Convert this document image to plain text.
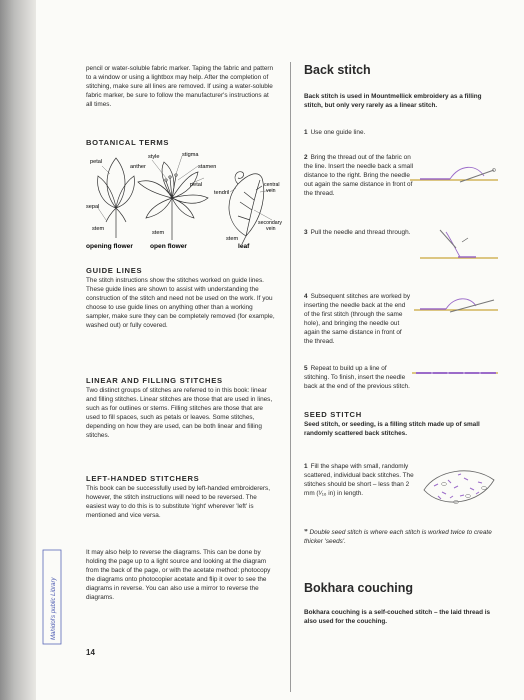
pencil or water-soluble fabric marker. Taping the fabric and pattern to a window or using a lightbox may help. After the completion of stitching, make sure all lines are removed. If using a water-soluble fabric marker, be sure to follow the manufacturer's instructions at all times.

BOTANICAL TERMS

petal
style	stigma
anther	stamen
petal	central
vein
tendril
sepal
secondary
vein
stem
stem
stem
opening flower	open flower	leaf

GUIDE LINES

The stitch instructions show the stitches worked on guide lines. These guide lines are shown to assist with understanding the construction of the stitch and need not be used on the work. If you choose to use guide lines on anything other than a working sampler, make sure they can be completely removed (for example, washed out) or fully covered.

LINEAR AND FILLING STITCHES

Two distinct groups of stitches are referred to in this book: linear and filling stitches. Linear stitches are those that are used in lines, such as for outlines or stems. Filling stitches are those that are used to fill spaces, such as petals or leaves. Some stitches, depending on how they are used, can be both linear and filling stitches.

LEFT-HANDED STITCHERS

This book can be successfully used by left-handed embroiderers, however, the stitch instructions will need to be reversed. The easiest way to do this is to substitute 'right' wherever 'left' is mentioned and vice versa.

It may also help to reverse the diagrams. This can be done by holding the page up to a light source and looking at the diagram from the back of the page, or with the acetate method: photocopy the diagrams onto photocopier acetate and flip it over to see the diagrams in reverse. You can also use a mirror to reverse the diagrams.

Mahidol's public Library
14

Back stitch

Back stitch is used in Mountmellick embroidery as a filling stitch, but only very rarely as a linear stitch.

1 Use one guide line.

2 Bring the thread out of the fabric on the line. Insert the needle back a small distance to the right. Bring the needle out again the same distance in front of the thread.

3 Pull the needle and thread through.

4 Subsequent stitches are worked by inserting the needle back at the end of the first stitch (through the same hole), and bringing the needle out again the same distance in front of the thread.

5 Repeat to build up a line of stitching. To finish, insert the needle back at the end of the previous stitch.

SEED STITCH

Seed stitch, or seeding, is a filling stitch made up of small randomly scattered back stitches.

1 Fill the shape with small, randomly scattered, individual back stitches. The stitches should be short – less than 2 mm (¹⁄₁₆ in) in length.

❞ Double seed stitch is where each stitch is worked twice to create thicker 'seeds'.

Bokhara couching

Bokhara couching is a self-couched stitch – the laid thread is also used for the couching.
